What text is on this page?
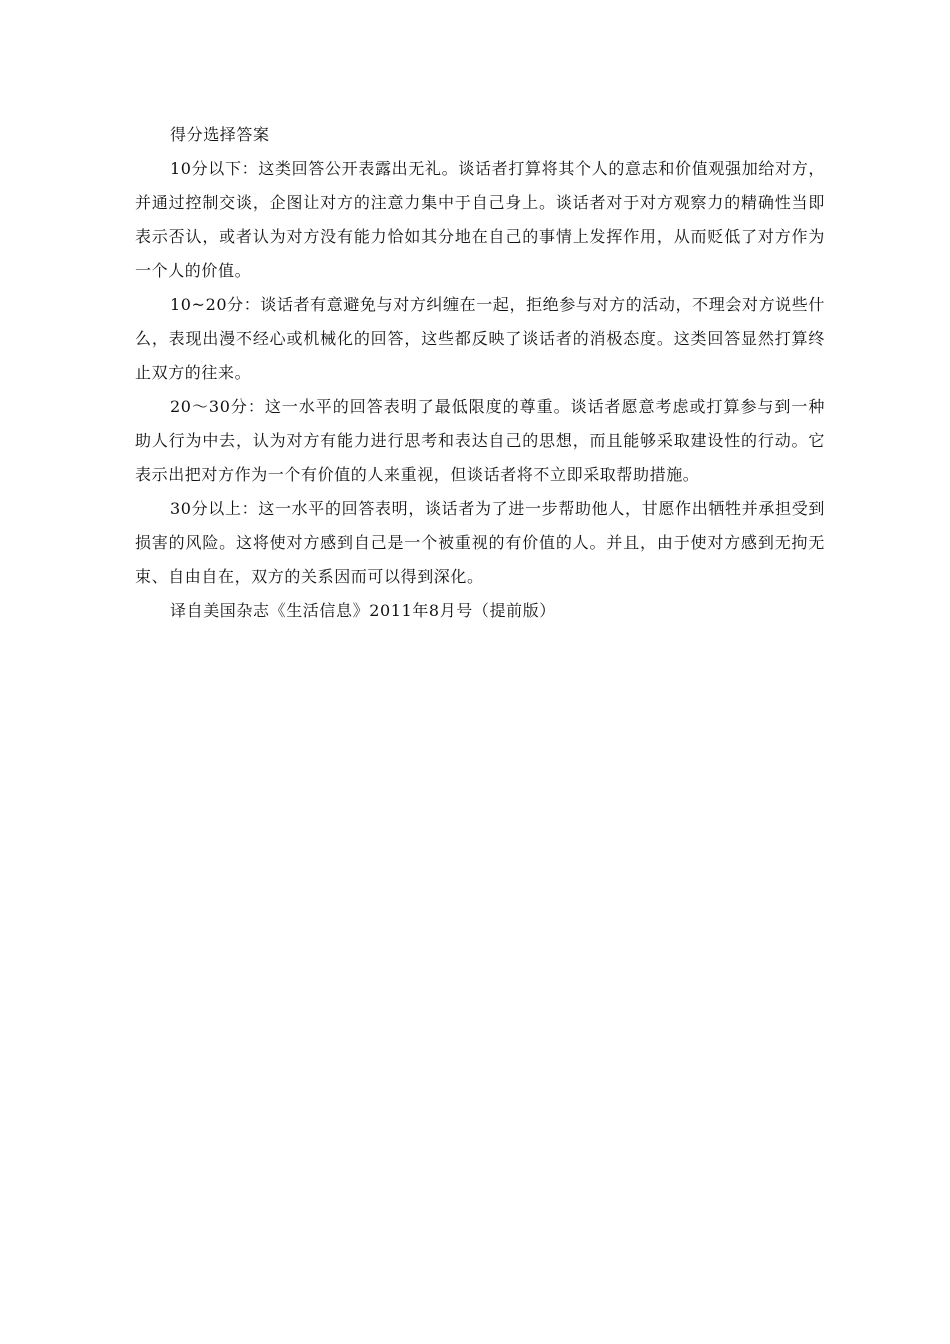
得分选择答案

10分以下：这类回答公开表露出无礼。谈话者打算将其个人的意志和价值观强加给对方，并通过控制交谈，企图让对方的注意力集中于自己身上。谈话者对于对方观察力的精确性当即表示否认，或者认为对方没有能力恰如其分地在自己的事情上发挥作用，从而贬低了对方作为一个人的价值。

10~20分：谈话者有意避免与对方纠缠在一起，拒绝参与对方的活动，不理会对方说些什么，表现出漫不经心或机械化的回答，这些都反映了谈话者的消极态度。这类回答显然打算终止双方的往来。

20～30分：这一水平的回答表明了最低限度的尊重。谈话者愿意考虑或打算参与到一种助人行为中去，认为对方有能力进行思考和表达自己的思想，而且能够采取建设性的行动。它表示出把对方作为一个有价值的人来重视，但谈话者将不立即采取帮助措施。

30分以上：这一水平的回答表明，谈话者为了进一步帮助他人，甘愿作出牺牲并承担受到损害的风险。这将使对方感到自己是一个被重视的有价值的人。并且，由于使对方感到无拘无束、自由自在，双方的关系因而可以得到深化。

译自美国杂志《生活信息》2011年8月号（提前版）
